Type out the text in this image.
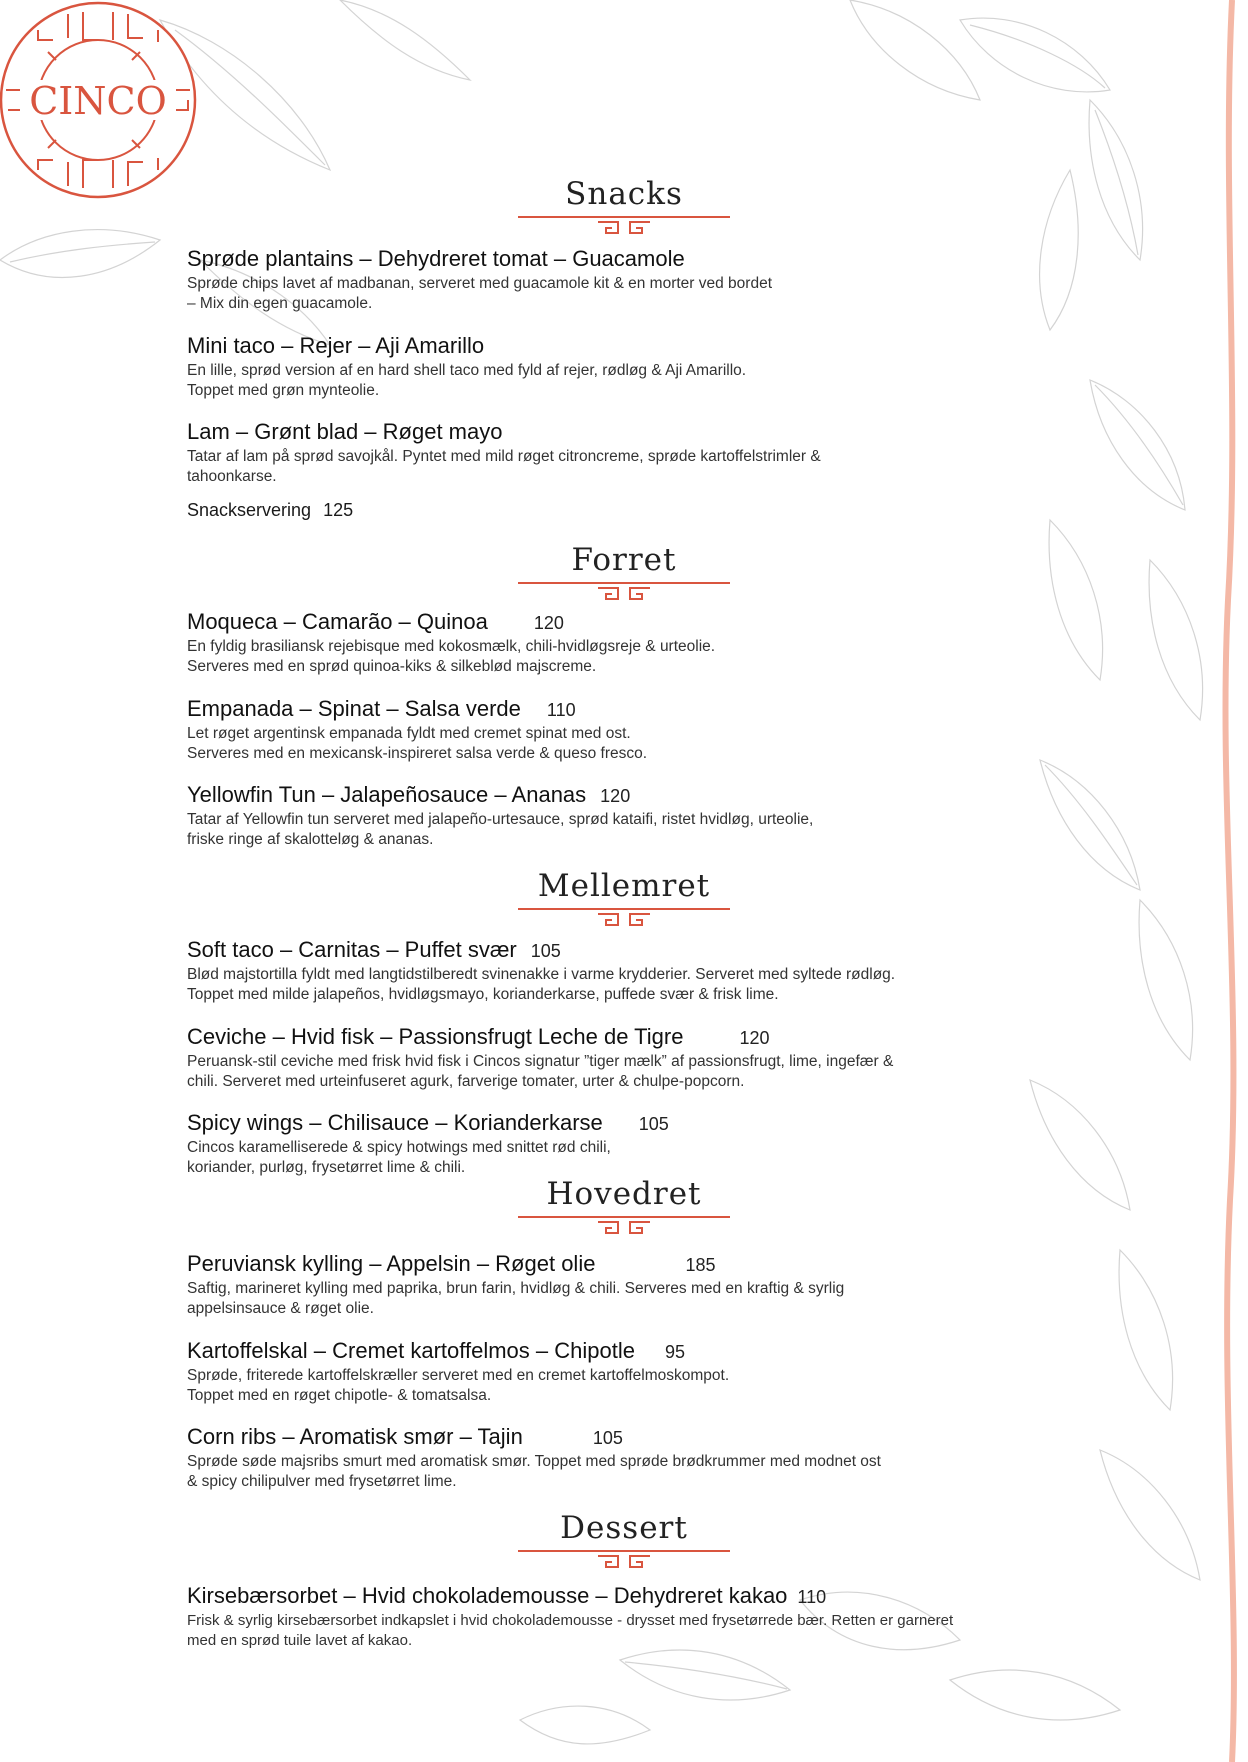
CINCO
Snacks
Sprøde plantains – Dehydreret tomat – Guacamole
Sprøde chips lavet af madbanan, serveret med guacamole kit & en morter ved bordet
– Mix din egen guacamole.
Mini taco – Rejer – Aji Amarillo
En lille, sprød version af en hard shell taco med fyld af rejer, rødløg & Aji Amarillo.
Toppet med grøn mynteolie.
Lam – Grønt blad – Røget mayo
Tatar af lam på sprød savojkål. Pyntet med mild røget citroncreme, sprøde kartoffelstrimler &
tahoonkarse.
Snackservering 125
Forret
Moqueca – Camarão – Quinoa	120
En fyldig brasiliansk rejebisque med kokosmælk, chili-hvidløgsreje & urteolie.
Serveres med en sprød quinoa-kiks & silkeblød majscreme.
Empanada – Spinat – Salsa verde 110
Let røget argentinsk empanada fyldt med cremet spinat med ost.
Serveres med en mexicansk-inspireret salsa verde & queso fresco.
Yellowfin Tun – Jalapeñosauce – Ananas 120
Tatar af Yellowfin tun serveret med jalapeño-urtesauce, sprød kataifi, ristet hvidløg, urteolie,
friske ringe af skalotteløg & ananas.
Mellemret
Soft taco – Carnitas – Puffet svær 105
Blød majstortilla fyldt med langtidstilberedt svinenakke i varme krydderier. Serveret med syltede rødløg.
Toppet med milde jalapeños, hvidløgsmayo, korianderkarse, puffede svær & frisk lime.
Ceviche – Hvid fisk – Passionsfrugt Leche de Tigre	120
Peruansk-stil ceviche med frisk hvid fisk i Cincos signatur ”tiger mælk” af passionsfrugt, lime, ingefær &
chili. Serveret med urteinfuseret agurk, farverige tomater, urter & chulpe-popcorn.
Spicy wings – Chilisauce – Korianderkarse 105
Cincos karamelliserede & spicy hotwings med snittet rød chili,
koriander, purløg, frysetørret lime & chili.
Hovedret
Peruviansk kylling – Appelsin – Røget olie	185
Saftig, marineret kylling med paprika, brun farin, hvidløg & chili. Serveres med en kraftig & syrlig
appelsinsauce & røget olie.
Kartoffelskal – Cremet kartoffelmos – Chipotle 95
Sprøde, friterede kartoffelskræller serveret med en cremet kartoffelmoskompot.
Toppet med en røget chipotle- & tomatsalsa.
Corn ribs – Aromatisk smør – Tajin	105
Sprøde søde majsribs smurt med aromatisk smør. Toppet med sprøde brødkrummer med modnet ost
& spicy chilipulver med frysetørret lime.
Dessert
Kirsebærsorbet – Hvid chokolademousse – Dehydreret kakao 110
Frisk & syrlig kirsebærsorbet indkapslet i hvid chokolademousse - drysset med frysetørrede bær. Retten er garneret
med en sprød tuile lavet af kakao.
